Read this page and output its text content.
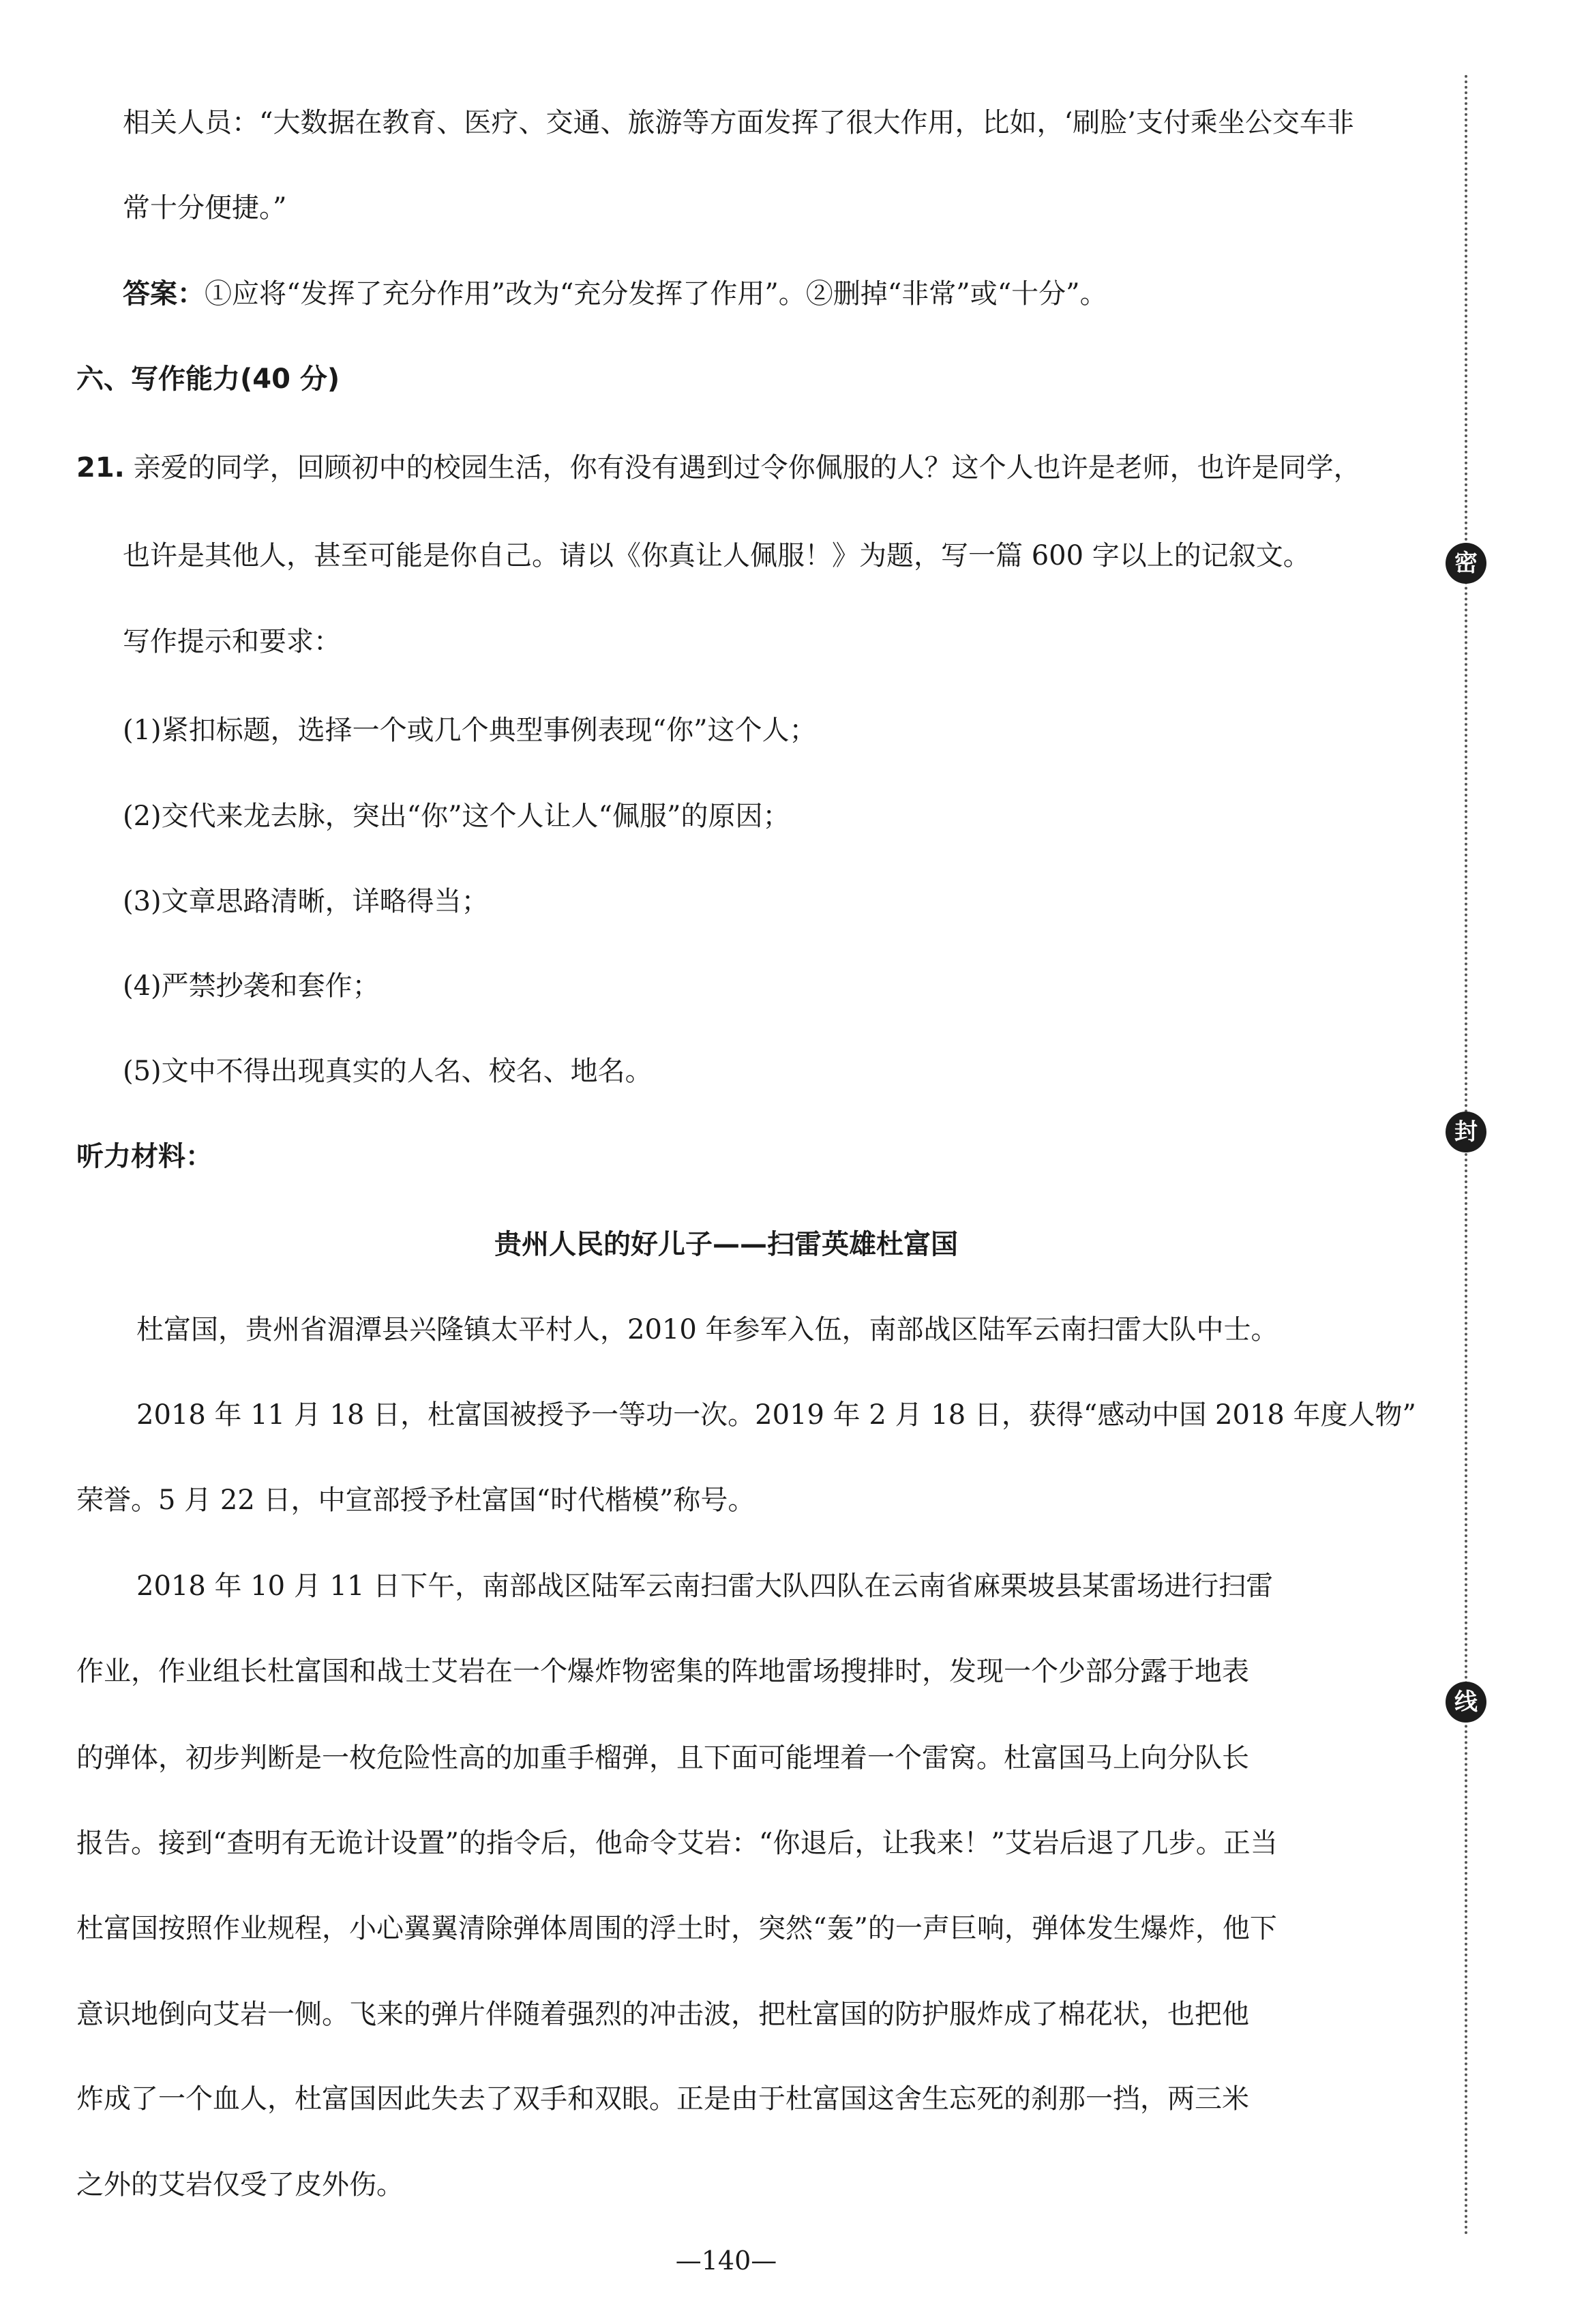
相关人员：“大数据在教育、医疗、交通、旅游等方面发挥了很大作用，比如，‘刷脸’支付乘坐公交车非
常十分便捷。”
答案：①应将“发挥了充分作用”改为“充分发挥了作用”。②删掉“非常”或“十分”。
六、写作能力(40 分)
21. 亲爱的同学，回顾初中的校园生活，你有没有遇到过令你佩服的人？这个人也许是老师，也许是同学，
也许是其他人，甚至可能是你自己。请以《你真让人佩服！》为题，写一篇 600 字以上的记叙文。
写作提示和要求：
(1)紧扣标题，选择一个或几个典型事例表现“你”这个人；
(2)交代来龙去脉，突出“你”这个人让人“佩服”的原因；
(3)文章思路清晰，详略得当；
(4)严禁抄袭和套作；
(5)文中不得出现真实的人名、校名、地名。
听力材料：
贵州人民的好儿子——扫雷英雄杜富国
杜富国，贵州省湄潭县兴隆镇太平村人，2010 年参军入伍，南部战区陆军云南扫雷大队中士。
2018 年 11 月 18 日，杜富国被授予一等功一次。2019 年 2 月 18 日，获得“感动中国 2018 年度人物”
荣誉。5 月 22 日，中宣部授予杜富国“时代楷模”称号。
2018 年 10 月 11 日下午，南部战区陆军云南扫雷大队四队在云南省麻栗坡县某雷场进行扫雷
作业，作业组长杜富国和战士艾岩在一个爆炸物密集的阵地雷场搜排时，发现一个少部分露于地表
的弹体，初步判断是一枚危险性高的加重手榴弹，且下面可能埋着一个雷窝。杜富国马上向分队长
报告。接到“查明有无诡计设置”的指令后，他命令艾岩：“你退后，让我来！”艾岩后退了几步。正当
杜富国按照作业规程，小心翼翼清除弹体周围的浮土时，突然“轰”的一声巨响，弹体发生爆炸，他下
意识地倒向艾岩一侧。飞来的弹片伴随着强烈的冲击波，把杜富国的防护服炸成了棉花状，也把他
炸成了一个血人，杜富国因此失去了双手和双眼。正是由于杜富国这舍生忘死的刹那一挡，两三米
之外的艾岩仅受了皮外伤。
—140—
密
封
线
